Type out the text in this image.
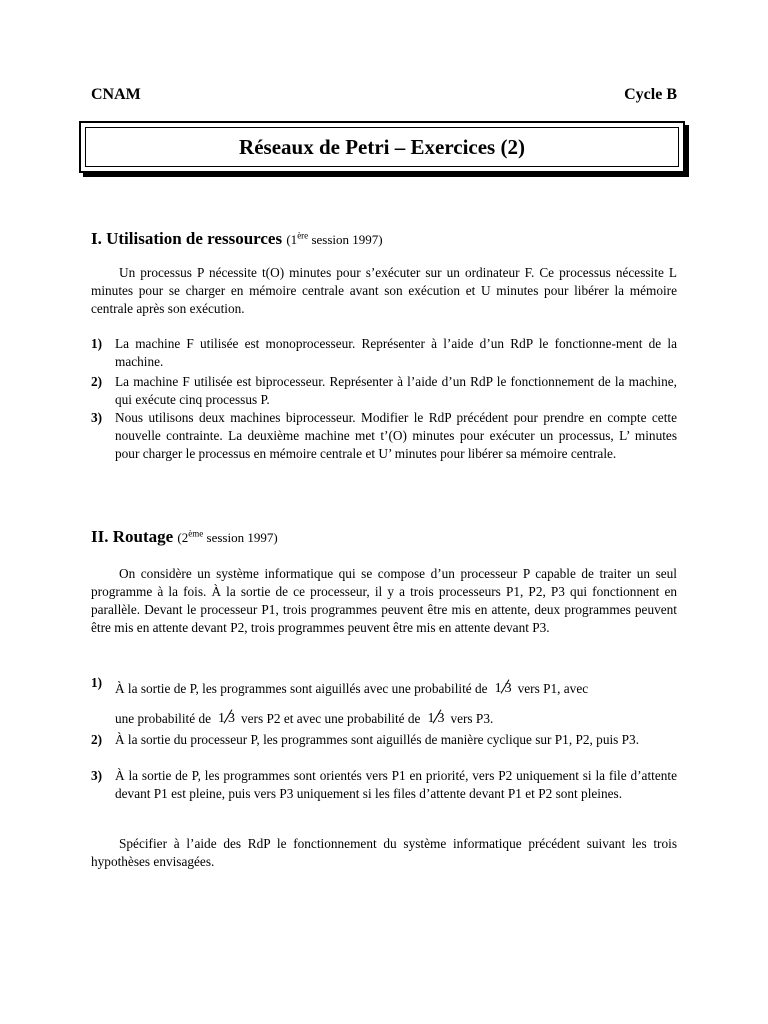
CNAM	Cycle B
Réseaux de Petri – Exercices (2)
I. Utilisation de ressources (1ère session 1997)
Un processus P nécessite t(O) minutes pour s’exécuter sur un ordinateur F. Ce processus nécessite L minutes pour se charger en mémoire centrale avant son exécution et U minutes pour libérer la mémoire centrale après son exécution.
1) La machine F utilisée est monoprocesseur. Représenter à l’aide d’un RdP le fonctionne-ment de la machine.
2) La machine F utilisée est biprocesseur. Représenter à l’aide d’un RdP le fonctionnement de la machine, qui exécute cinq processus P.
3) Nous utilisons deux machines biprocesseur. Modifier le RdP précédent pour prendre en compte cette nouvelle contrainte. La deuxième machine met t’(O) minutes pour exécuter un processus, L’ minutes pour charger le processus en mémoire centrale et U’ minutes pour libérer sa mémoire centrale.
II. Routage (2ème session 1997)
On considère un système informatique qui se compose d’un processeur P capable de traiter un seul programme à la fois. À la sortie de ce processeur, il y a trois processeurs P1, P2, P3 qui fonctionnent en parallèle. Devant le processeur P1, trois programmes peuvent être mis en attente, deux programmes peuvent être mis en attente devant P2, trois programmes peuvent être mis en attente devant P3.
1) À la sortie de P, les programmes sont aiguillés avec une probabilité de 1 3 vers P1, avec
une probabilité de 1 3 vers P2 et avec une probabilité de 1 3 vers P3.
2) À la sortie du processeur P, les programmes sont aiguillés de manière cyclique sur P1, P2, puis P3.
3) À la sortie de P, les programmes sont orientés vers P1 en priorité, vers P2 uniquement si la file d’attente devant P1 est pleine, puis vers P3 uniquement si les files d’attente devant P1 et P2 sont pleines.
Spécifier à l’aide des RdP le fonctionnement du système informatique précédent suivant les trois hypothèses envisagées.
